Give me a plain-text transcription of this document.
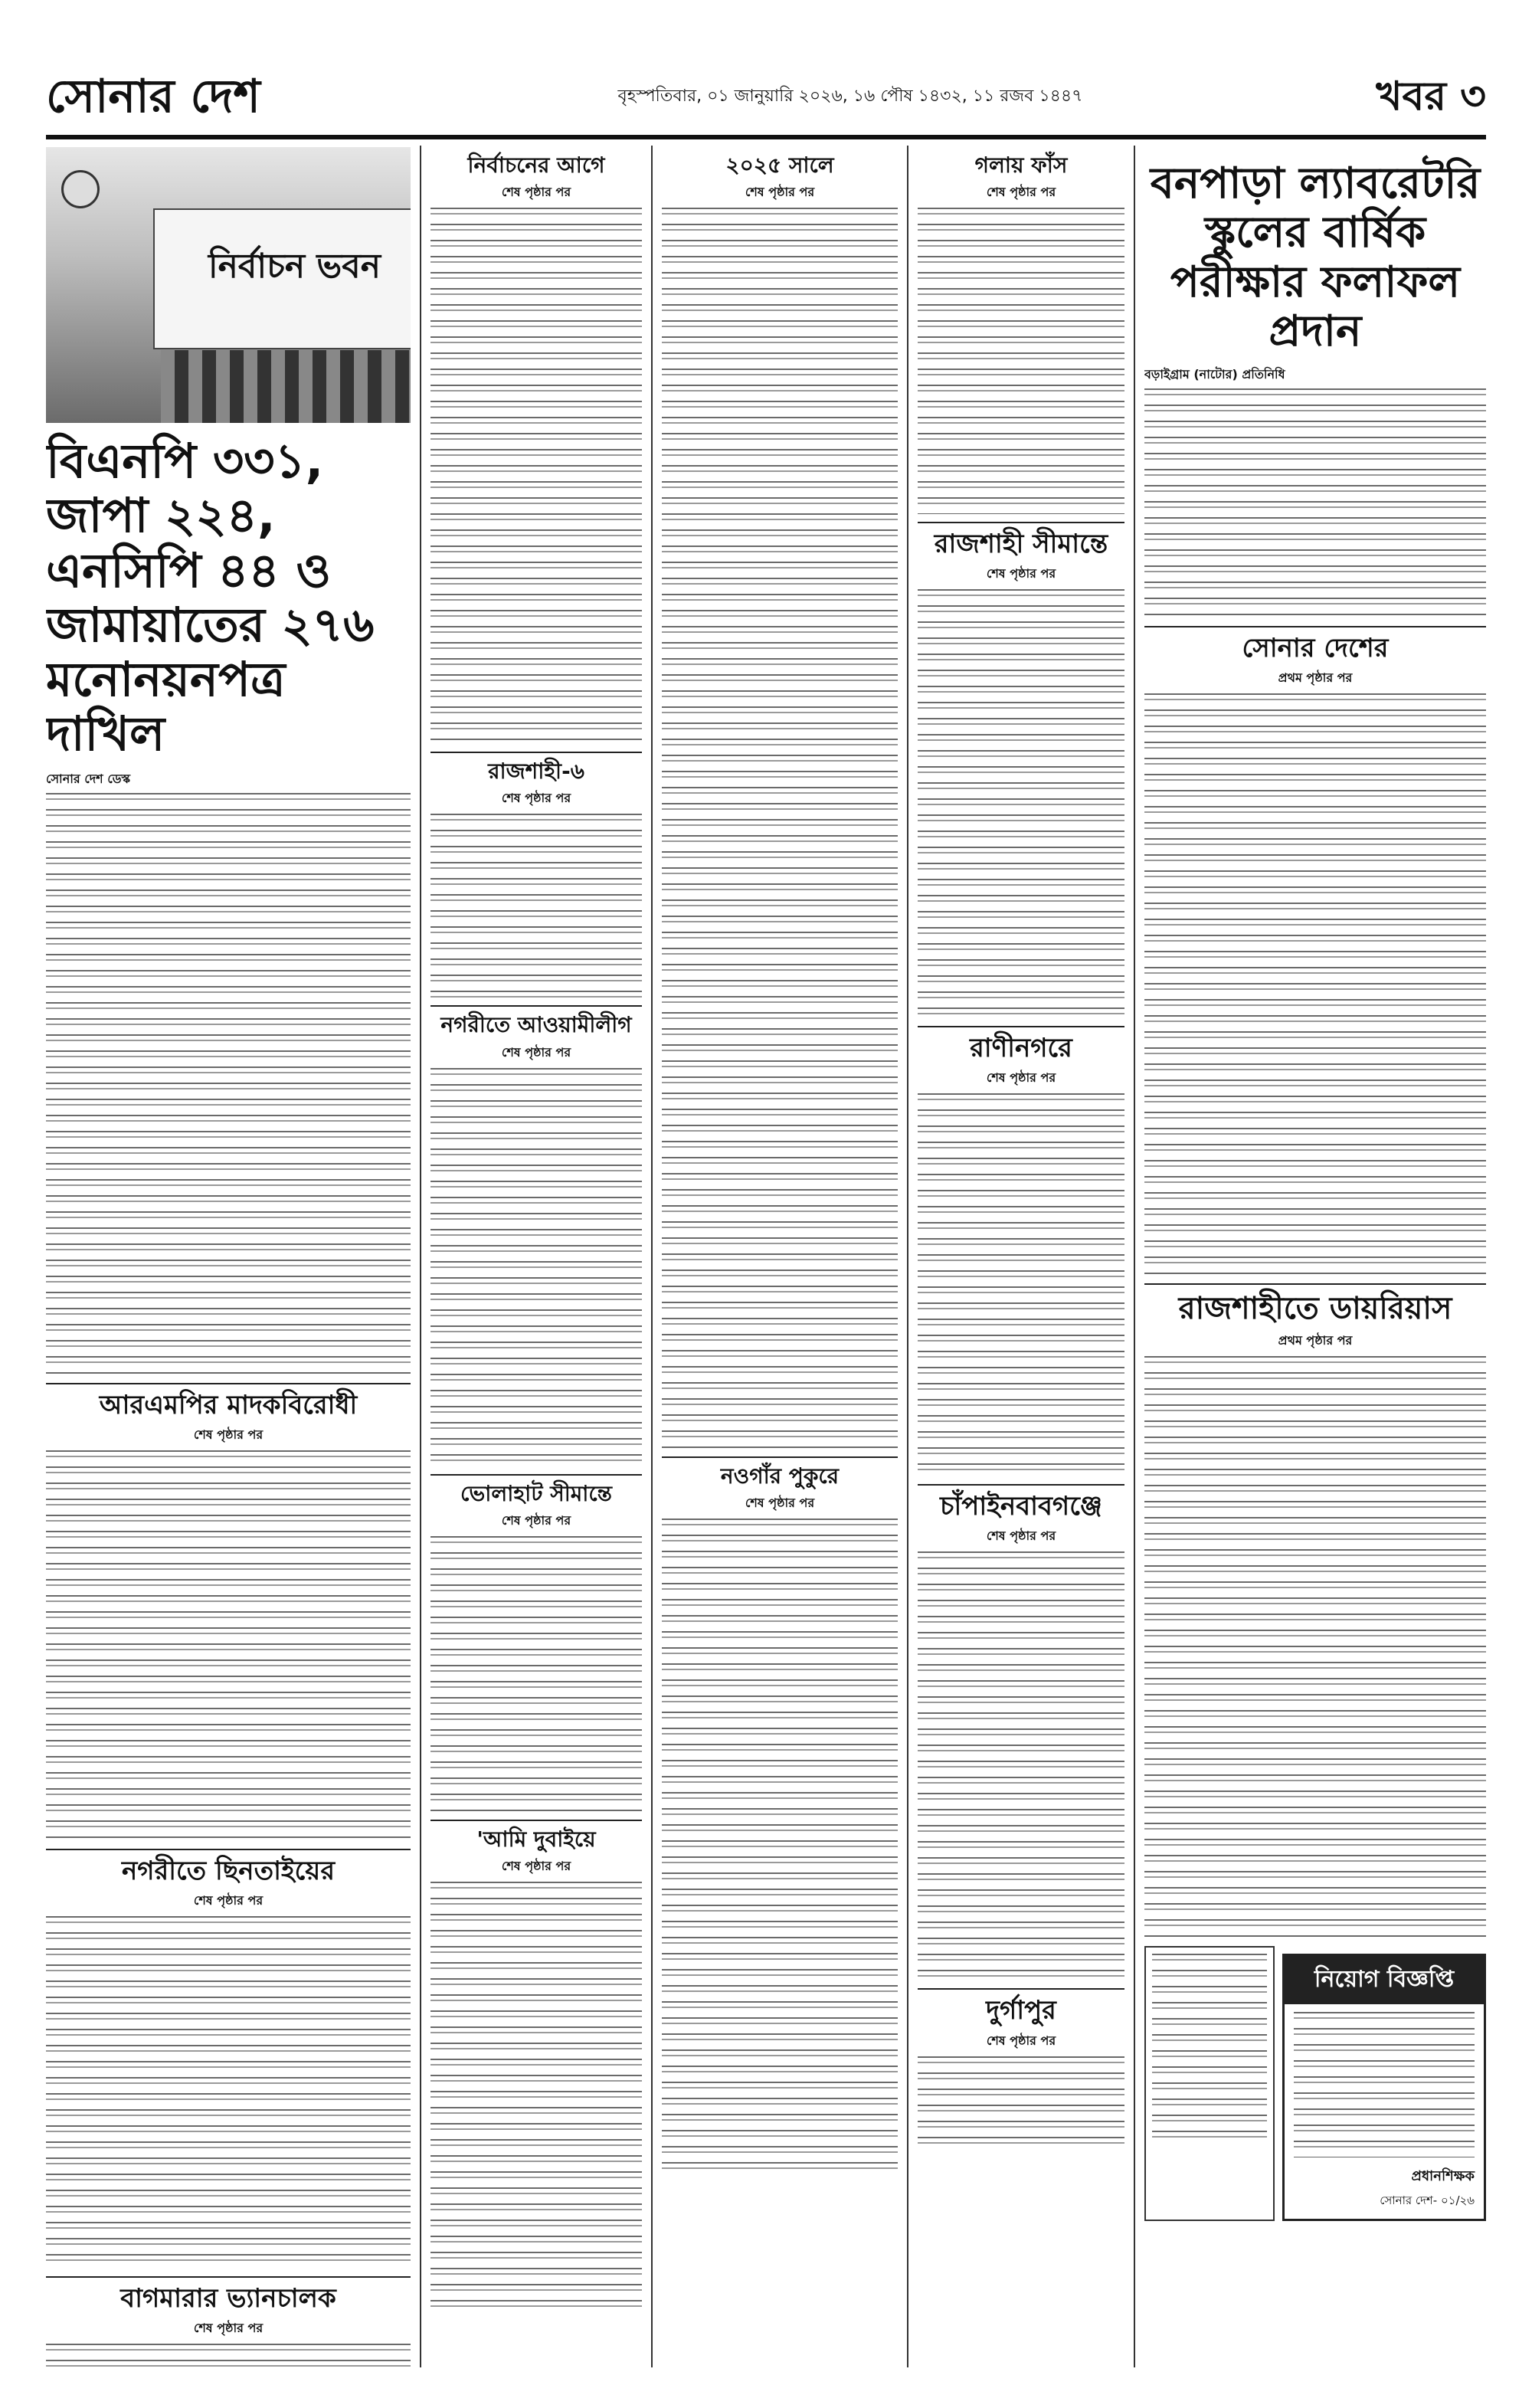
সোনার দেশ	বৃহস্পতিবার, ০১ জানুয়ারি ২০২৬, ১৬ পৌষ ১৪৩২, ১১ রজব ১৪৪৭	খবর ৩
নির্বাচন ভবন
বিএনপি ৩৩১, জাপা ২২৪, এনসিপি ৪৪ ও জামায়াতের ২৭৬ মনোনয়নপত্র দাখিল
সোনার দেশ ডেস্ক
আরএমপির মাদকবিরোধী
শেষ পৃষ্ঠার পর
নগরীতে ছিনতাইয়ের
শেষ পৃষ্ঠার পর
বাগমারার ভ্যানচালক
শেষ পৃষ্ঠার পর
নির্বাচনের আগে
শেষ পৃষ্ঠার পর
রাজশাহী-৬
শেষ পৃষ্ঠার পর
নগরীতে আওয়ামীলীগ
শেষ পৃষ্ঠার পর
ভোলাহাট সীমান্তে
শেষ পৃষ্ঠার পর
'আমি দুবাইয়ে
শেষ পৃষ্ঠার পর
২০২৫ সালে
শেষ পৃষ্ঠার পর
নওগাঁর পুকুরে
শেষ পৃষ্ঠার পর
গলায় ফাঁস
শেষ পৃষ্ঠার পর
রাজশাহী সীমান্তে
শেষ পৃষ্ঠার পর
রাণীনগরে
শেষ পৃষ্ঠার পর
চাঁপাইনবাবগঞ্জে
শেষ পৃষ্ঠার পর
দুর্গাপুর
শেষ পৃষ্ঠার পর
বনপাড়া ল্যাবরেটরি স্কুলের বার্ষিক পরীক্ষার ফলাফল প্রদান
বড়াইগ্রাম (নাটোর) প্রতিনিধি
সোনার দেশের
প্রথম পৃষ্ঠার পর
রাজশাহীতে ডায়রিয়াস
প্রথম পৃষ্ঠার পর
নিয়োগ বিজ্ঞপ্তি
প্রধানশিক্ষক
সোনার দেশ- ০১/২৬
